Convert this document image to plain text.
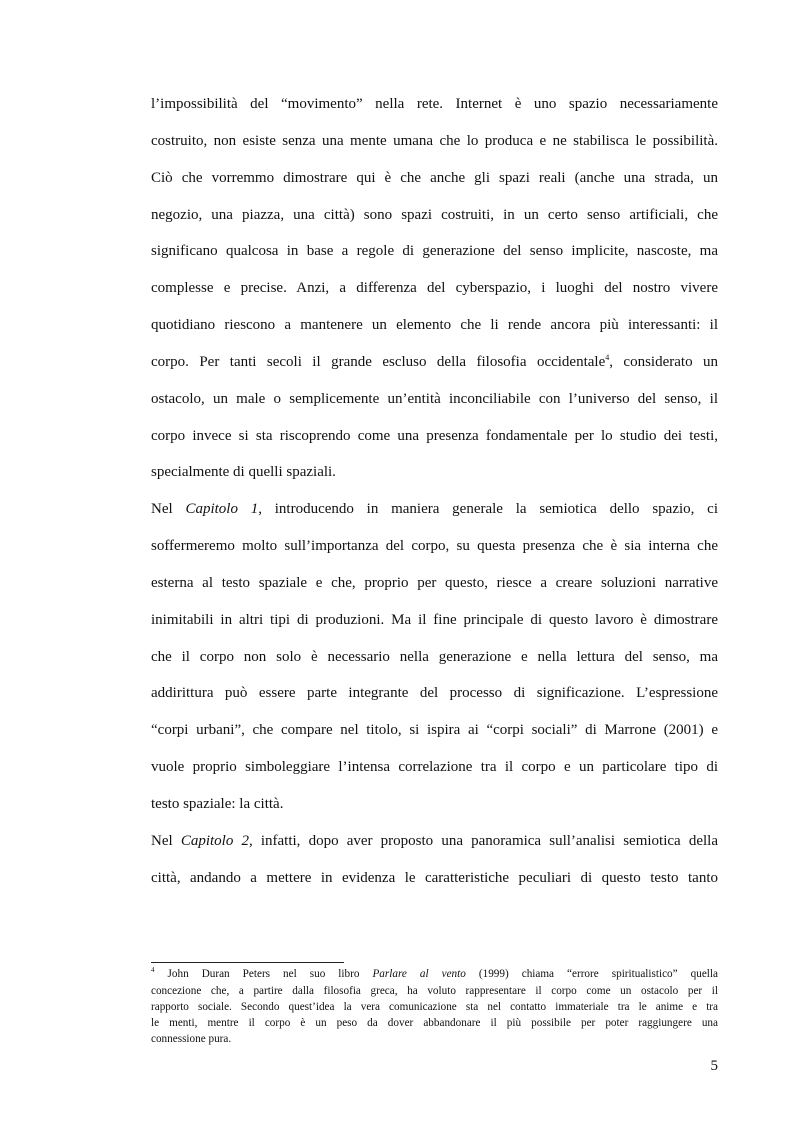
l’impossibilità del “movimento” nella rete. Internet è uno spazio necessariamente
costruito, non esiste senza una mente umana che lo produca e ne stabilisca le possibilità.
Ciò che vorremmo dimostrare qui è che anche gli spazi reali (anche una strada, un
negozio, una piazza, una città) sono spazi costruiti, in un certo senso artificiali, che
significano qualcosa in base a regole di generazione del senso implicite, nascoste, ma
complesse e precise. Anzi, a differenza del cyberspazio, i luoghi del nostro vivere
quotidiano riescono a mantenere un elemento che li rende ancora più interessanti: il
corpo. Per tanti secoli il grande escluso della filosofia occidentale$^4$, considerato un
ostacolo, un male o semplicemente un’entità inconciliabile con l’universo del senso, il
corpo invece si sta riscoprendo come una presenza fondamentale per lo studio dei testi,
specialmente di quelli spaziali.
Nel Capitolo 1, introducendo in maniera generale la semiotica dello spazio, ci
soffermeremo molto sull’importanza del corpo, su questa presenza che è sia interna che
esterna al testo spaziale e che, proprio per questo, riesce a creare soluzioni narrative
inimitabili in altri tipi di produzioni. Ma il fine principale di questo lavoro è dimostrare
che il corpo non solo è necessario nella generazione e nella lettura del senso, ma
addirittura può essere parte integrante del processo di significazione. L’espressione
“corpi urbani”, che compare nel titolo, si ispira ai “corpi sociali” di Marrone (2001) e
vuole proprio simboleggiare l’intensa correlazione tra il corpo e un particolare tipo di
testo spaziale: la città.
Nel Capitolo 2, infatti, dopo aver proposto una panoramica sull’analisi semiotica della
città, andando a mettere in evidenza le caratteristiche peculiari di questo testo tanto
$^4$ John Duran Peters nel suo libro Parlare al vento (1999) chiama “errore spiritualistico” quella
concezione che, a partire dalla filosofia greca, ha voluto rappresentare il corpo come un ostacolo per il
rapporto sociale. Secondo quest’idea la vera comunicazione sta nel contatto immateriale tra le anime e tra
le menti, mentre il corpo è un peso da dover abbandonare il più possibile per poter raggiungere una
connessione pura.
5
